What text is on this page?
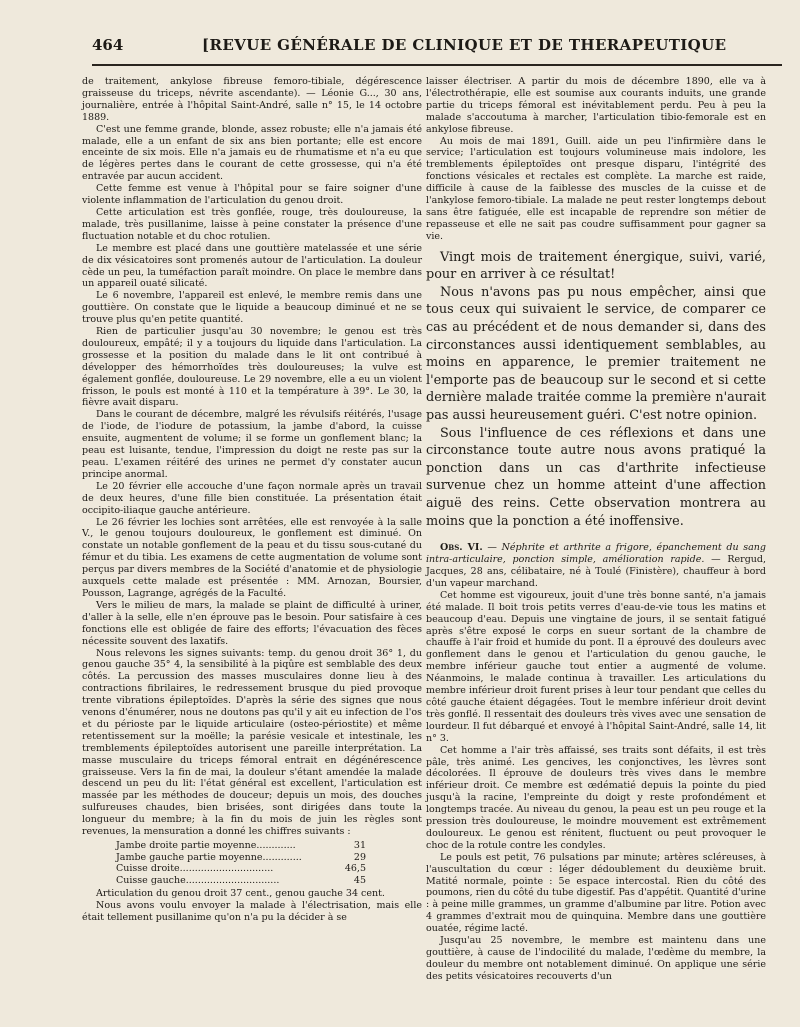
464	[REVUE GÉNÉRALE DE CLINIQUE ET DE THERAPEUTIQUE

de traitement, ankylose fibreuse femoro-tibiale, dégérescence graisseuse du triceps, névrite ascendante). — Léonie G..., 30 ans, journalière, entrée à l'hôpital Saint-André, salle n° 15, le 14 octobre 1889.

C'est une femme grande, blonde, assez robuste; elle n'a jamais été malade, elle a un enfant de six ans bien portante; elle est encore enceinte de six mois. Elle n'a jamais eu de rhumatisme et n'a eu que de légères pertes dans le courant de cette grossesse, qui n'a été entravée par aucun accident.

Cette femme est venue à l'hôpital pour se faire soigner d'une violente inflammation de l'articulation du genou droit.

Cette articulation est très gonflée, rouge, très douloureuse, la malade, très pusillanime, laisse à peine constater la présence d'une fluctuation notable et du choc rotulien.

Le membre est placé dans une gouttière matelassée et une série de dix vésicatoires sont promenés autour de l'articulation. La douleur cède un peu, la tuméfaction paraît moindre. On place le membre dans un appareil ouaté silicaté.

Le 6 novembre, l'appareil est enlevé, le membre remis dans une gouttière. On constate que le liquide a beaucoup diminué et ne se trouve plus qu'en petite quantité.

Rien de particulier jusqu'au 30 novembre; le genou est très douloureux, empâté; il y a toujours du liquide dans l'articulation. La grossesse et la position du malade dans le lit ont contribué à développer des hémorrhoïdes très douloureuses; la vulve est également gonflée, douloureuse. Le 29 novembre, elle a eu un violent frisson, le pouls est monté à 110 et la température à 39°. Le 30, la fièvre avait disparu.

Dans le courant de décembre, malgré les révulsifs réitérés, l'usage de l'iode, de l'iodure de potassium, la jambe d'abord, la cuisse ensuite, augmentent de volume; il se forme un gonflement blanc; la peau est luisante, tendue, l'impression du doigt ne reste pas sur la peau. L'examen réitéré des urines ne permet d'y constater aucun principe anormal.

Le 20 février elle accouche d'une façon normale après un travail de deux heures, d'une fille bien constituée. La présentation était occipito-iliaque gauche antérieure.

Le 26 février les lochies sont arrêtées, elle est renvoyée à la salle V., le genou toujours douloureux, le gonflement est diminué. On constate un notable gonflement de la peau et du tissu sous-cutané du fémur et du tibia. Les examens de cette augmentation de volume sont perçus par divers membres de la Société d'anatomie et de physiologie auxquels cette malade est présentée : MM. Arnozan, Boursier, Pousson, Lagrange, agrégés de la Faculté.

Vers le milieu de mars, la malade se plaint de difficulté à uriner, d'aller à la selle, elle n'en éprouve pas le besoin. Pour satisfaire à ces fonctions elle est obligée de faire des efforts; l'évacuation des fèces nécessite souvent des laxatifs.

Nous relevons les signes suivants: temp. du genou droit 36° 1, du genou gauche 35° 4, la sensibilité à la piqûre est semblable des deux côtés. La percussion des masses musculaires donne lieu à des contractions fibrilaires, le redressement brusque du pied provoque trente vibrations épileptoïdes. D'après la série des signes que nous venons d'énumérer, nous ne doutons pas qu'il y ait eu infection de l'os et du périoste par le liquide articulaire (osteo-périostite) et même retentissement sur la moëlle; la parésie vesicale et intestinale, les tremblements épileptoïdes autorisent une pareille interprétation. La masse musculaire du triceps fémoral entrait en dégénérescence graisseuse. Vers la fin de mai, la douleur s'étant amendée la malade descend un peu du lit: l'état général est excellent, l'articulation est massée par les méthodes de douceur; depuis un mois, des douches sulfureuses chaudes, bien brisées, sont dirigées dans toute la longueur du membre; à la fin du mois de juin les règles sont revenues, la mensuration a donné les chiffres suivants :

Jambe droite partie moyenne.............	31
Jambe gauche partie moyenne.............	29
Cuisse droite...............................	46,5
Cuisse gauche...............................	45

Articulation du genou droit 37 cent., genou gauche 34 cent.

Nous avons voulu envoyer la malade à l'électrisation, mais elle était tellement pusillanime qu'on n'a pu la décider à se

laisser électriser. A partir du mois de décembre 1890, elle va à l'électrothérapie, elle est soumise aux courants induits, une grande partie du triceps fémoral est inévitablement perdu. Peu à peu la malade s'accoutuma à marcher, l'articulation tibio-femorale est en ankylose fibreuse.

Au mois de mai 1891, Guill. aide un peu l'infirmière dans le service; l'articulation est toujours volumineuse mais indolore, les tremblements épileptoïdes ont presque disparu, l'intégrité des fonctions vésicales et rectales est complète. La marche est raide, difficile à cause de la faiblesse des muscles de la cuisse et de l'ankylose femoro-tibiale. La malade ne peut rester longtemps debout sans être fatiguée, elle est incapable de reprendre son métier de repasseuse et elle ne sait pas coudre suffisamment pour gagner sa vie.

Vingt mois de traitement énergique, suivi, varié, pour en arriver à ce résultat!

Nous n'avons pas pu nous empêcher, ainsi que tous ceux qui suivaient le service, de comparer ce cas au précédent et de nous demander si, dans des circonstances aussi identiquement semblables, au moins en apparence, le premier traitement ne l'emporte pas de beaucoup sur le second et si cette dernière malade traitée comme la première n'aurait pas aussi heureusement guéri. C'est notre opinion.

Sous l'influence de ces réflexions et dans une circonstance toute autre nous avons pratiqué la ponction dans un cas d'arthrite infectieuse survenue chez un homme atteint d'une affection aiguë des reins. Cette observation montrera au moins que la ponction a été inoffensive.

Obs. VI. — Néphrite et arthrite a frigore, épanchement du sang intra-articulaire, ponction simple, amélioration rapide. — Rergud, Jacques, 28 ans, célibataire, né à Toulé (Finistère), chauffeur à bord d'un vapeur marchand.

Cet homme est vigoureux, jouit d'une très bonne santé, n'a jamais été malade. Il boit trois petits verres d'eau-de-vie tous les matins et beaucoup d'eau. Depuis une vingtaine de jours, il se sentait fatigué après s'être exposé le corps en sueur sortant de la chambre de chauffe à l'air froid et humide du pont. Il a éprouvé des douleurs avec gonflement dans le genou et l'articulation du genou gauche, le membre inférieur gauche tout entier a augmenté de volume. Néanmoins, le malade continua à travailler. Les articulations du membre inférieur droit furent prises à leur tour pendant que celles du côté gauche étaient dégagées. Tout le membre inférieur droit devint très gonflé. Il ressentait des douleurs très vives avec une sensation de lourdeur. Il fut débarqué et envoyé à l'hôpital Saint-André, salle 14, lit n° 3.

Cet homme a l'air très affaissé, ses traits sont défaits, il est très pâle, très animé. Les gencives, les conjonctives, les lèvres sont décolorées. Il éprouve de douleurs très vives dans le membre inférieur droit. Ce membre est œdématié depuis la pointe du pied jusqu'à la racine, l'empreinte du doigt y reste profondément et longtemps tracée. Au niveau du genou, la peau est un peu rouge et la pression très douloureuse, le moindre mouvement est extrêmement douloureux. Le genou est rénitent, fluctuent ou peut provoquer le choc de la rotule contre les condyles.

Le pouls est petit, 76 pulsations par minute; artères scléreuses, à l'auscultation du cœur : léger dédoublement du deuxième bruit. Matité normale, pointe : 5e espace intercostal. Rien du côté des poumons, rien du côté du tube digestif. Pas d'appétit. Quantité d'urine : à peine mille grammes, un gramme d'albumine par litre. Potion avec 4 grammes d'extrait mou de quinquina. Membre dans une gouttière ouatée, régime lacté.

Jusqu'au 25 novembre, le membre est maintenu dans une gouttière, à cause de l'indocilité du malade, l'œdème du membre, la douleur du membre ont notablement diminué. On applique une série des petits vésicatoires recouverts d'un
